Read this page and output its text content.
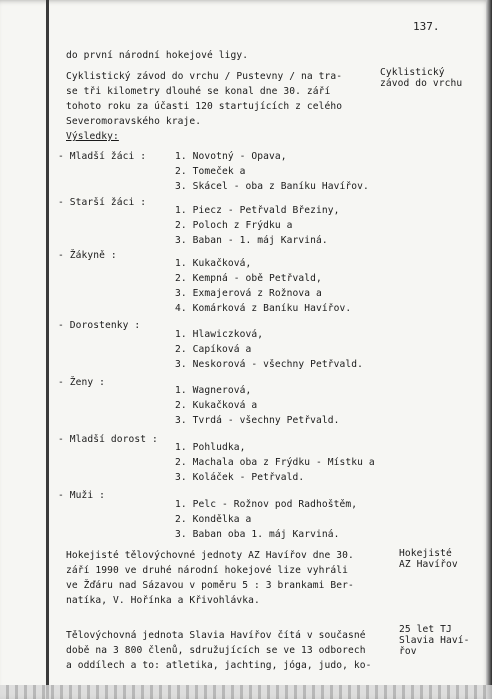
137.
do první národní hokejové ligy.
Cyklistický závod do vrchu / Pustevny / na tra-
se tři kilometry dlouhé se konal dne 30. září
tohoto roku za účasti 120 startujících z celého
Severomoravského kraje.
Výsledky:
Cyklistický
závod do vrchu
- Mladší žáci :
- Starší žáci :
- Žákyně :
- Dorostenky :
- Ženy :
- Mladší dorost :
- Muži :
1. Novotný - Opava,
2. Tomeček a
3. Skácel - oba z Baníku Havířov.
1. Piecz - Petřvald Březiny,
2. Poloch z Frýdku a
3. Baban - 1. máj Karviná.
1. Kukačková,
2. Kempná - obě Petřvald,
3. Exmajerová z Rožnova a
4. Komárková z Baníku Havířov.
1. Hlawiczková,
2. Capíková a
3. Neskorová - všechny Petřvald.
1. Wagnerová,
2. Kukačková a
3. Tvrdá - všechny Petřvald.
1. Pohludka,
2. Machala oba z Frýdku - Místku a
3. Koláček - Petřvald.
1. Pelc - Rožnov pod Radhoštěm,
2. Kondělka a
3. Baban oba 1. máj Karviná.
Hokejisté tělovýchovné jednoty AZ Havířov dne 30.
září 1990 ve druhé národní hokejové lize vyhráli
ve Žďáru nad Sázavou v poměru 5 : 3 brankami Ber-
natíka, V. Hořínka a Křivohlávka.
Hokejisté
AZ Havířov
Tělovýchovná jednota Slavia Havířov čítá v současné
době na 3 800 členů, sdružujících se ve 13 odborech
a oddílech a to: atletika, jachting, jóga, judo, ko-
25 let TJ
Slavia Haví-
řov
